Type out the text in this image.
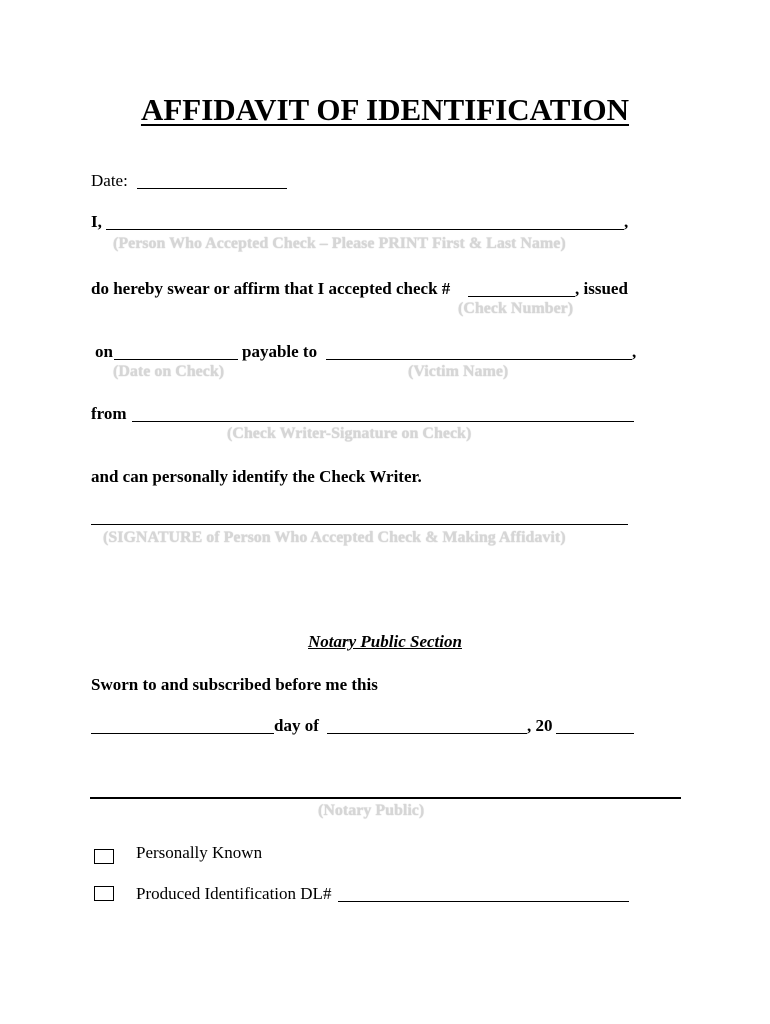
AFFIDAVIT OF IDENTIFICATION
Date:
I,	,
(Person Who Accepted Check – Please PRINT First & Last Name)
do hereby swear or affirm that I accepted check #	, issued
(Check Number)
on	payable to	,
(Date on Check)	(Victim Name)
from
(Check Writer-Signature on Check)
and can personally identify the Check Writer.
(SIGNATURE of Person Who Accepted Check & Making Affidavit)
Notary Public Section
Sworn to and subscribed before me this
day of	, 20
(Notary Public)
Personally Known
Produced Identification DL#
